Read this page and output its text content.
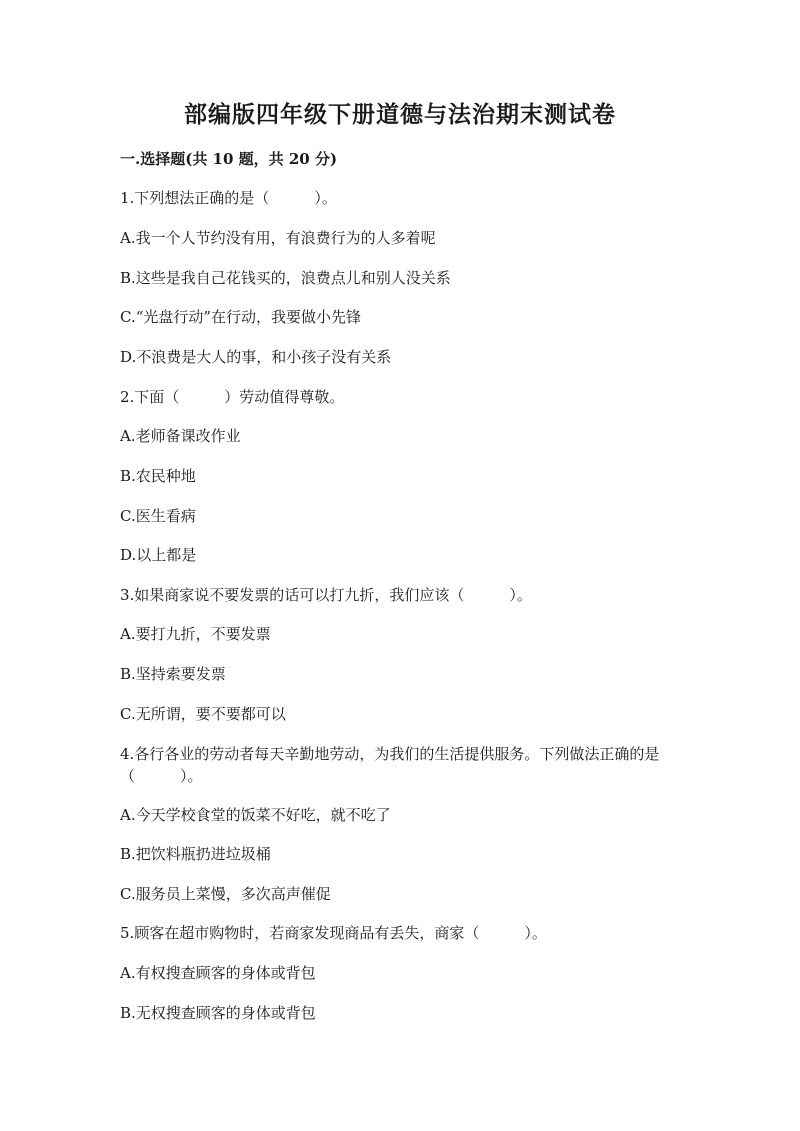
部编版四年级下册道德与法治期末测试卷
一.选择题(共 10 题，共 20 分)
1.下列想法正确的是（　　　）。
A.我一个人节约没有用，有浪费行为的人多着呢
B.这些是我自己花钱买的，浪费点儿和别人没关系
C.“光盘行动”在行动，我要做小先锋
D.不浪费是大人的事，和小孩子没有关系
2.下面（　　　）劳动值得尊敬。
A.老师备课改作业
B.农民种地
C.医生看病
D.以上都是
3.如果商家说不要发票的话可以打九折，我们应该（　　　）。
A.要打九折，不要发票
B.坚持索要发票
C.无所谓，要不要都可以
4.各行各业的劳动者每天辛勤地劳动，为我们的生活提供服务。下列做法正确的是（　　　）。
A.今天学校食堂的饭菜不好吃，就不吃了
B.把饮料瓶扔进垃圾桶
C.服务员上菜慢，多次高声催促
5.顾客在超市购物时，若商家发现商品有丢失，商家（　　　）。
A.有权搜查顾客的身体或背包
B.无权搜查顾客的身体或背包
